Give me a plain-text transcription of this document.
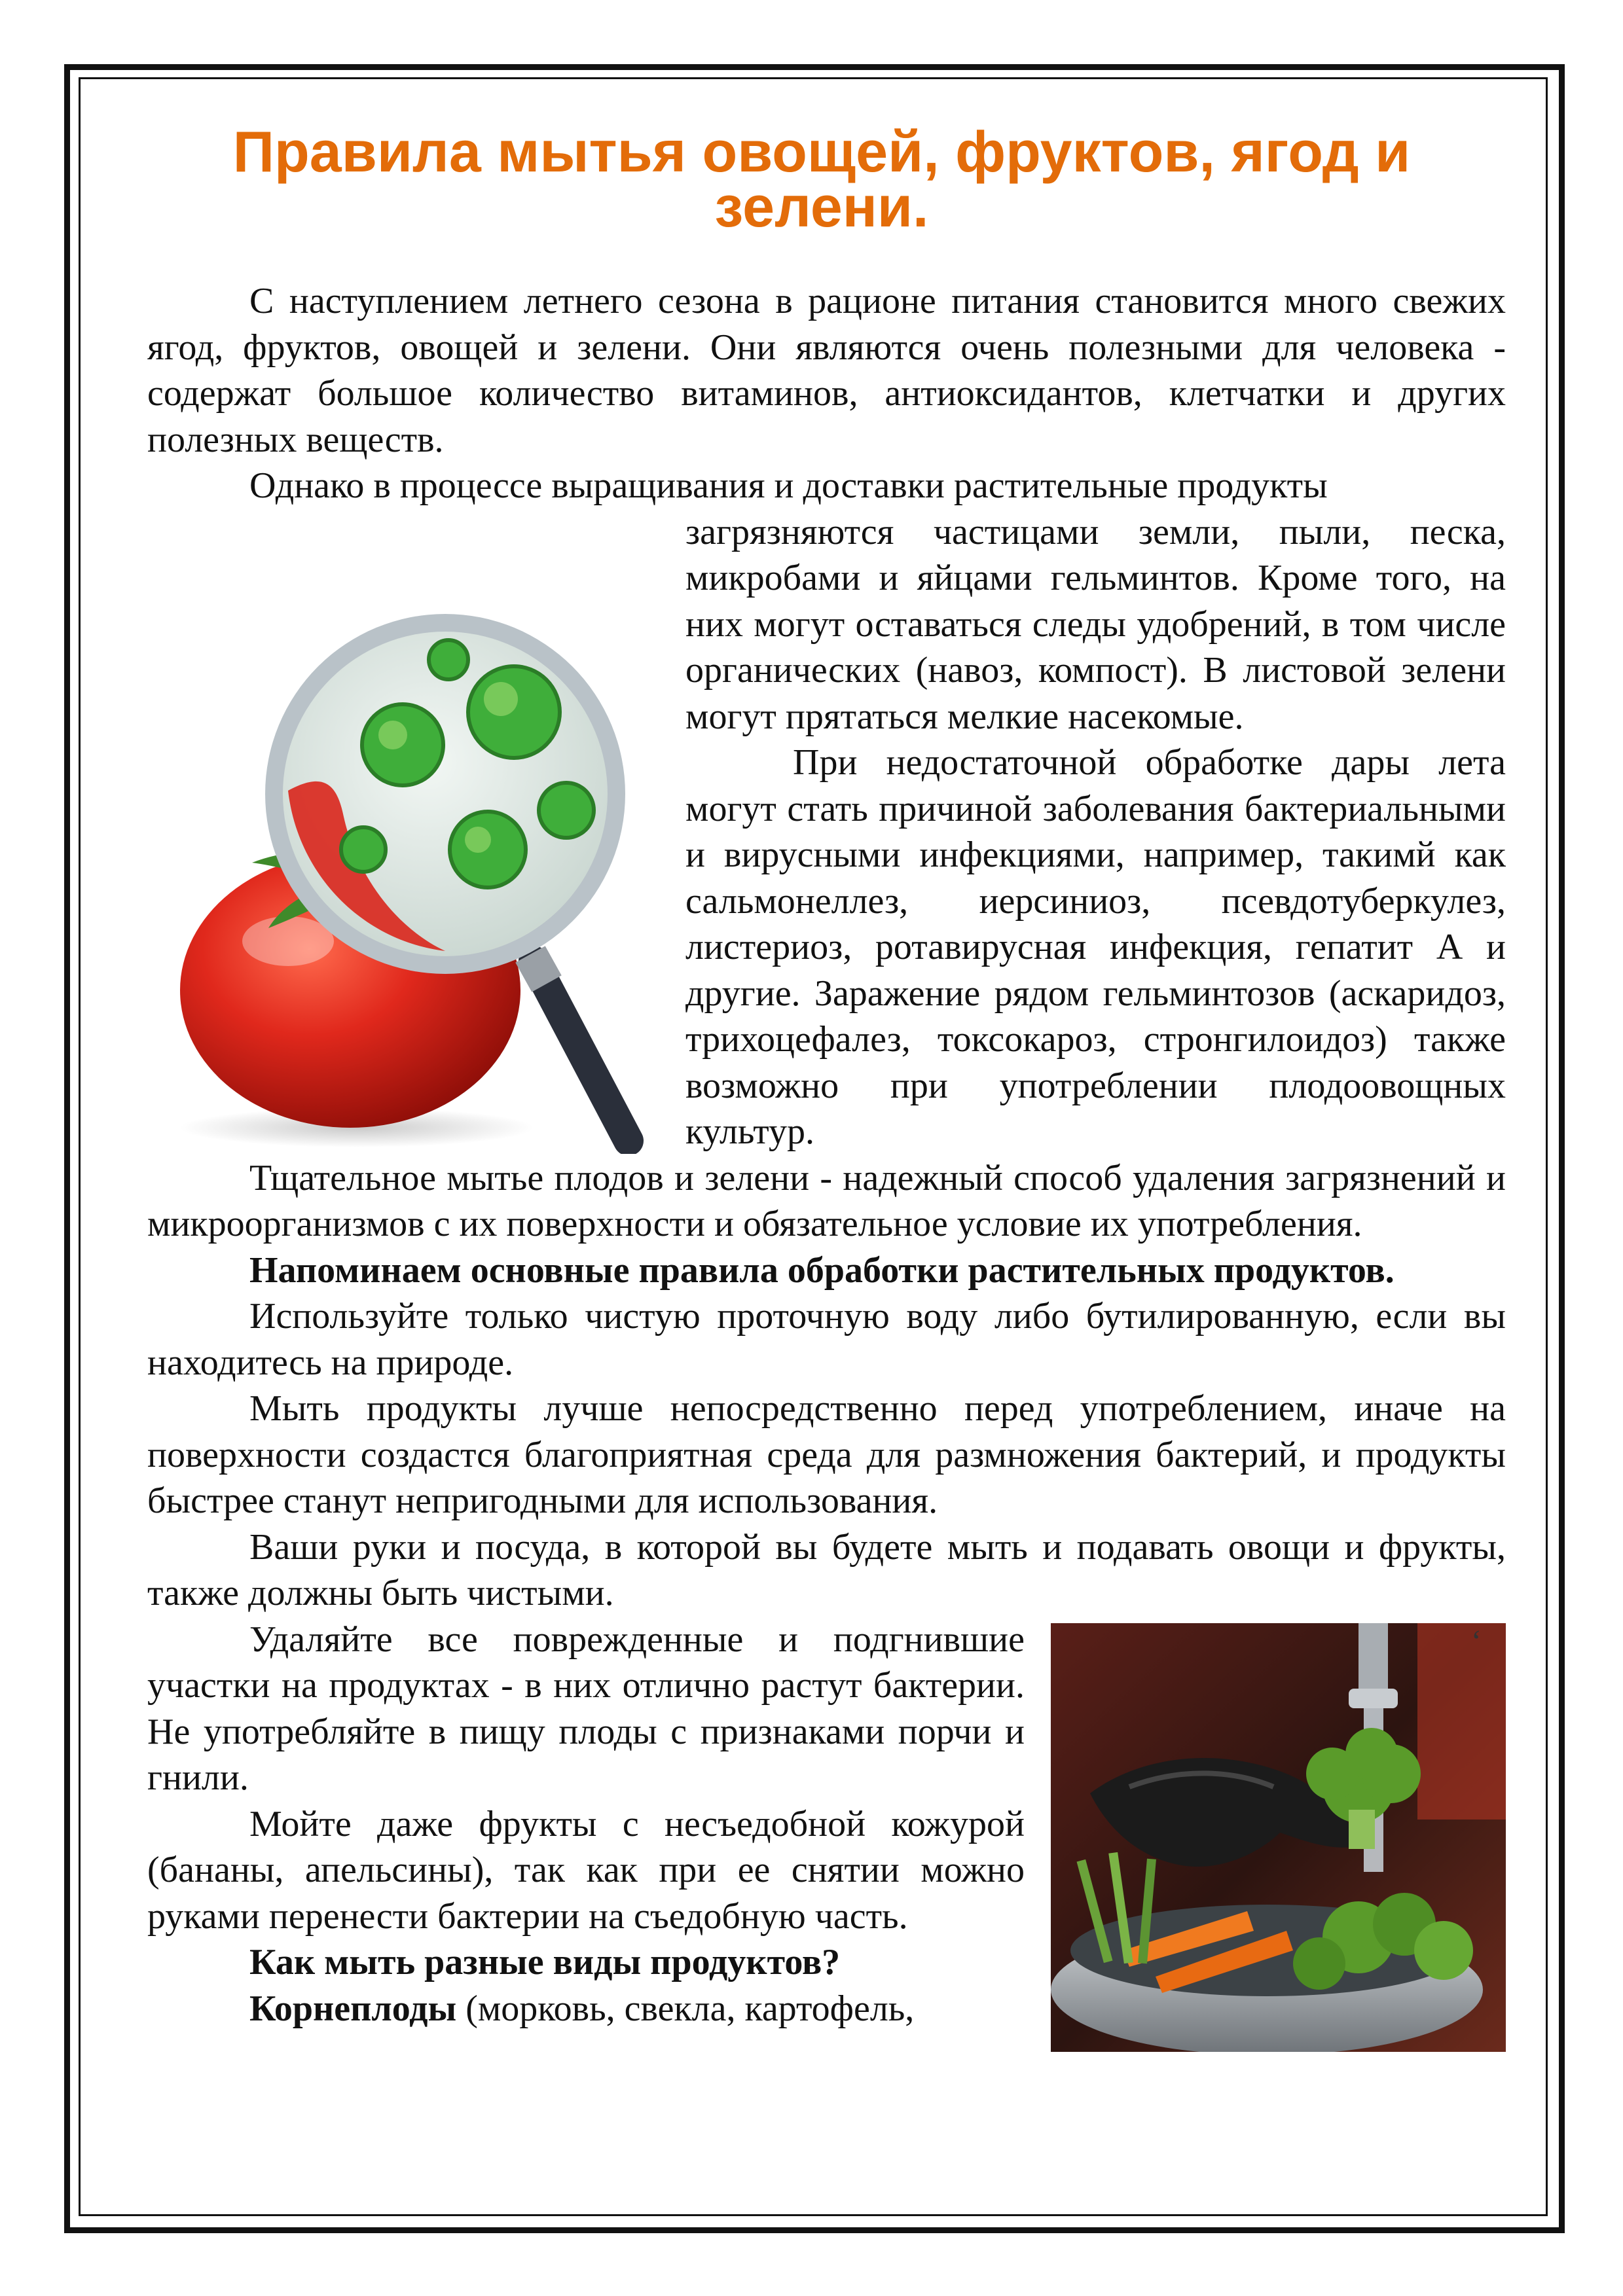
Правила мытья овощей, фруктов, ягод и
зелени.

С наступлением летнего сезона в рационе питания становится много свежих ягод, фруктов, овощей и зелени. Они являются очень полезными для человека - содержат большое количество витаминов, антиоксидантов, клетчатки и других полезных веществ.

Однако в процессе выращивания и доставки растительные продукты

загрязняются частицами земли, пыли, песка, микробами и яйцами гельминтов. Кроме того, на них могут оставаться следы удобрений, в том числе органических (навоз, компост). В листовой зелени могут прятаться мелкие насекомые.

При недостаточной обработке дары лета могут стать причиной заболевания бактериальными и вирусными инфекциями, например, такимй как сальмонеллез, иерсиниоз, псевдотуберкулез, листериоз, ротавирусная инфекция, гепатит А и другие. Заражение рядом гельминтозов (аскаридоз, трихоцефалез, токсокароз, стронгилоидоз) также возможно при употреблении плодоовощных культур.

Тщательное мытье плодов и зелени - надежный способ удаления загрязнений и микроорганизмов с их поверхности и обязательное условие их употребления.

Напоминаем основные правила обработки растительных продуктов.

Используйте только чистую проточную воду либо бутилированную, если вы находитесь на природе.

Мыть продукты лучше непосредственно перед употреблением, иначе на поверхности создастся благоприятная среда для размножения бактерий, и продукты быстрее станут непригодными для использования.

Ваши руки и посуда, в которой вы будете мыть и подавать овощи и фрукты, также должны быть чистыми.

Удаляйте все поврежденные и подгнившие участки на продуктах - в них отлично растут бактерии. Не употребляйте в пищу плоды с признаками порчи и гнили.

Мойте даже фрукты с несъедобной кожурой (бананы, апельсины), так как при ее снятии можно руками перенести бактерии на съедобную часть.

Как мыть разные виды продуктов?

Корнеплоды (морковь, свекла, картофель,

‘
